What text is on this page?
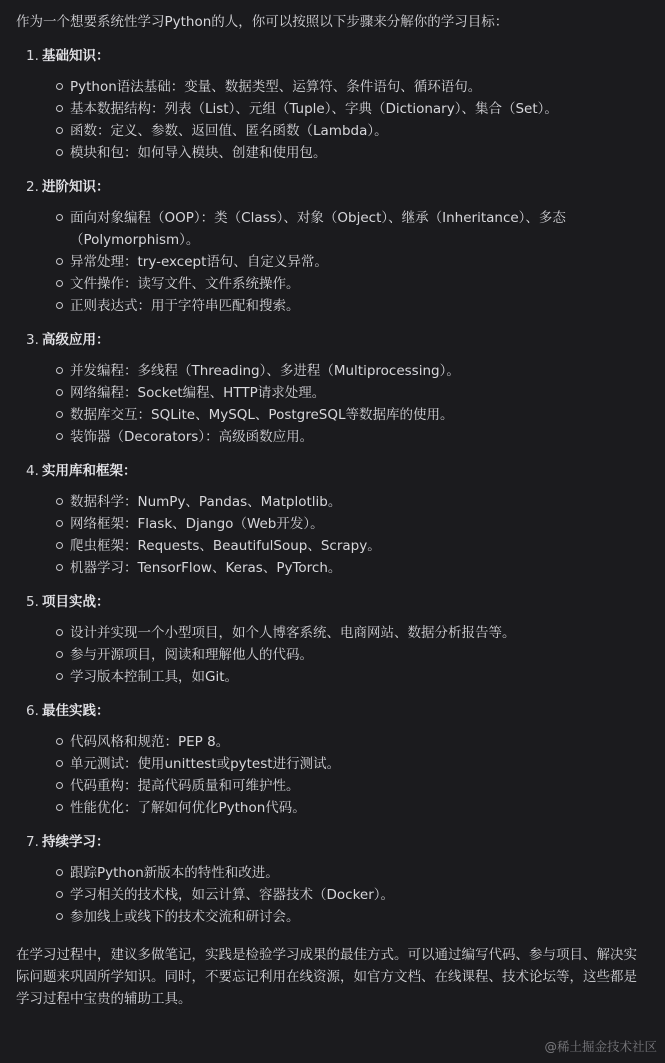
作为一个想要系统性学习Python的人，你可以按照以下步骤来分解你的学习目标：
1. 基础知识：
Python语法基础：变量、数据类型、运算符、条件语句、循环语句。
基本数据结构：列表（List）、元组（Tuple）、字典（Dictionary）、集合（Set）。
函数：定义、参数、返回值、匿名函数（Lambda）。
模块和包：如何导入模块、创建和使用包。
2. 进阶知识：
面向对象编程（OOP）：类（Class）、对象（Object）、继承（Inheritance）、多态（Polymorphism）。
异常处理：try-except语句、自定义异常。
文件操作：读写文件、文件系统操作。
正则表达式：用于字符串匹配和搜索。
3. 高级应用：
并发编程：多线程（Threading）、多进程（Multiprocessing）。
网络编程：Socket编程、HTTP请求处理。
数据库交互：SQLite、MySQL、PostgreSQL等数据库的使用。
装饰器（Decorators）：高级函数应用。
4. 实用库和框架：
数据科学：NumPy、Pandas、Matplotlib。
网络框架：Flask、Django（Web开发）。
爬虫框架：Requests、BeautifulSoup、Scrapy。
机器学习：TensorFlow、Keras、PyTorch。
5. 项目实战：
设计并实现一个小型项目，如个人博客系统、电商网站、数据分析报告等。
参与开源项目，阅读和理解他人的代码。
学习版本控制工具，如Git。
6. 最佳实践：
代码风格和规范：PEP 8。
单元测试：使用unittest或pytest进行测试。
代码重构：提高代码质量和可维护性。
性能优化：了解如何优化Python代码。
7. 持续学习：
跟踪Python新版本的特性和改进。
学习相关的技术栈，如云计算、容器技术（Docker）。
参加线上或线下的技术交流和研讨会。
在学习过程中，建议多做笔记，实践是检验学习成果的最佳方式。可以通过编写代码、参与项目、解决实际问题来巩固所学知识。同时，不要忘记利用在线资源，如官方文档、在线课程、技术论坛等，这些都是学习过程中宝贵的辅助工具。
@稀土掘金技术社区
